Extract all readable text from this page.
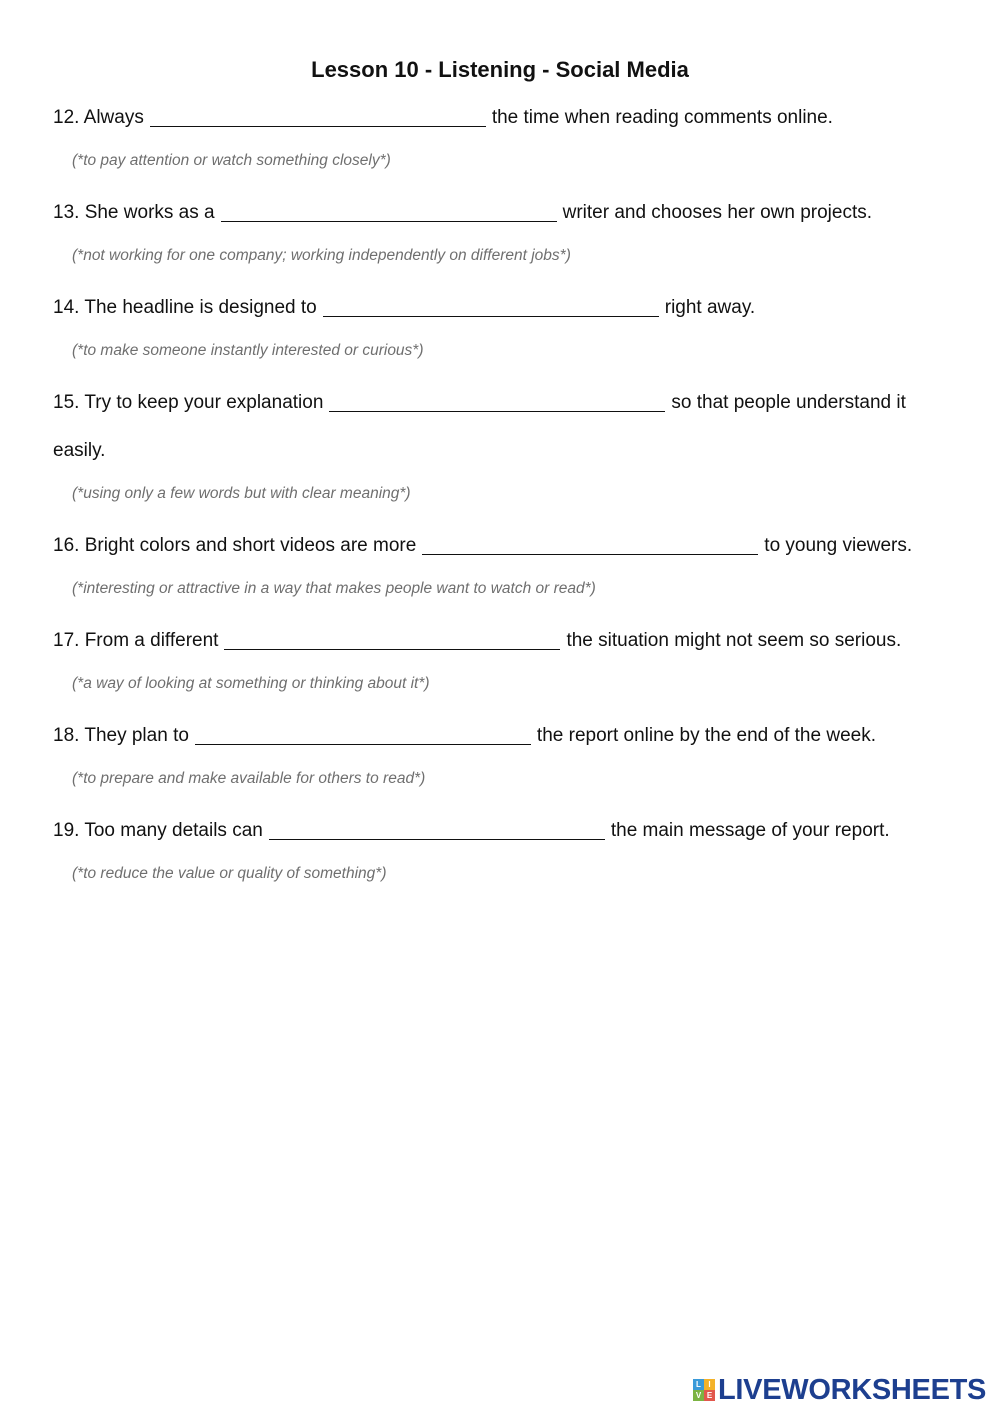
Lesson 10 - Listening - Social Media
12. Always	the time when reading comments online.
(*to pay attention or watch something closely*)
13. She works as a	writer and chooses her own projects.
(*not working for one company; working independently on different jobs*)
14. The headline is designed to	right away.
(*to make someone instantly interested or curious*)
15. Try to keep your explanation	so that people understand it easily.
(*using only a few words but with clear meaning*)
16. Bright colors and short videos are more	to young viewers.
(*interesting or attractive in a way that makes people want to watch or read*)
17. From a different	the situation might not seem so serious.
(*a way of looking at something or thinking about it*)
18. They plan to	the report online by the end of the week.
(*to prepare and make available for others to read*)
19. Too many details can	the main message of your report.
(*to reduce the value or quality of something*)
L I
V E LIVEWORKSHEETS
